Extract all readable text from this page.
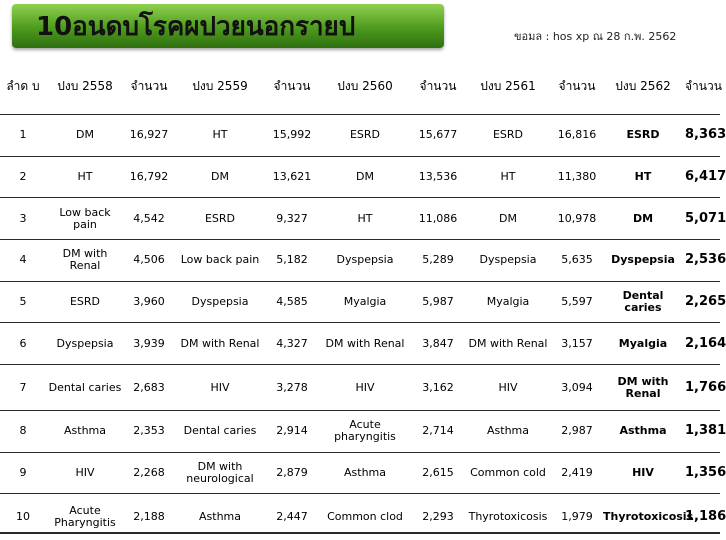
10อนดบโรคผปวยนอกรายป	ขอมล : hos xp ณ 28 ก.พ. 2562
ลำด บ	ปงบ 2558	จำนวน	ปงบ 2559	จำนวน	ปงบ 2560	จำนวน	ปงบ 2561	จำนวน	ปงบ 2562	จำนวน
1	DM	16,927	HT	15,992	ESRD	15,677	ESRD	16,816	ESRD	8,363
2	HT	16,792	DM	13,621	DM	13,536	HT	11,380	HT	6,417
3	Low back pain	4,542	ESRD	9,327	HT	11,086	DM	10,978	DM	5,071
4	DM with Renal	4,506	Low back pain	5,182	Dyspepsia	5,289	Dyspepsia	5,635	Dyspepsia	2,536
5	ESRD	3,960	Dyspepsia	4,585	Myalgia	5,987	Myalgia	5,597	Dental caries	2,265
6	Dyspepsia	3,939	DM with Renal	4,327	DM with Renal	3,847	DM with Renal	3,157	Myalgia	2,164
7	Dental caries	2,683	HIV	3,278	HIV	3,162	HIV	3,094	DM with Renal	1,766
8	Asthma	2,353	Dental caries	2,914	Acute pharyngitis	2,714	Asthma	2,987	Asthma	1,381
9	HIV	2,268	DM with neurological	2,879	Asthma	2,615	Common cold	2,419	HIV	1,356
10	Acute Pharyngitis	2,188	Asthma	2,447	Common clod	2,293	Thyrotoxicosis	1,979	Thyrotoxicosis	1,186
